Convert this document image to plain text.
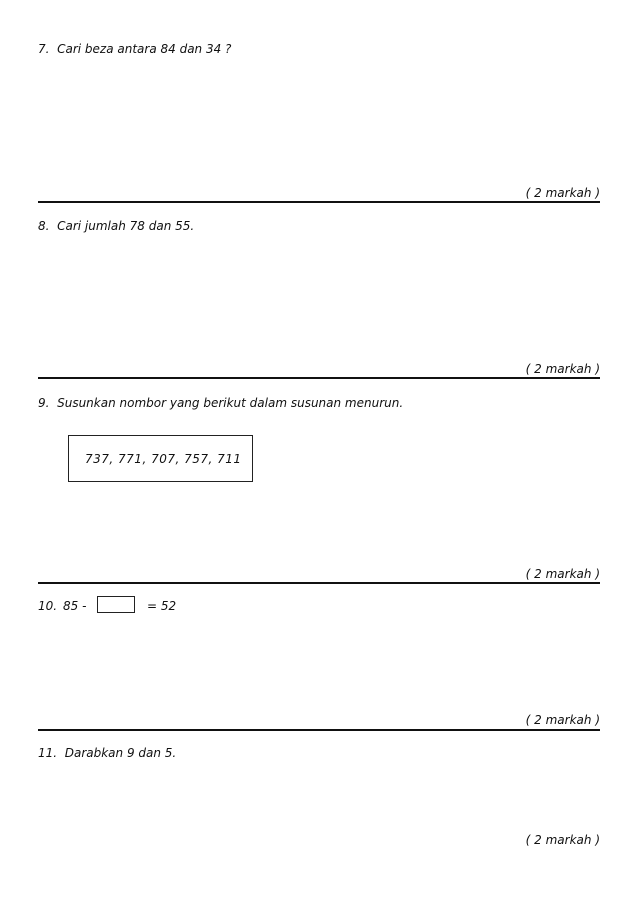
7. Cari beza antara 84 dan 34 ?
( 2 markah )
8. Cari jumlah 78 dan 55.
( 2 markah )
9. Susunkan nombor yang berikut dalam susunan menurun.
737, 771, 707, 757, 711
( 2 markah )
10. 85 -	= 52
( 2 markah )
11. Darabkan 9 dan 5.
( 2 markah )
